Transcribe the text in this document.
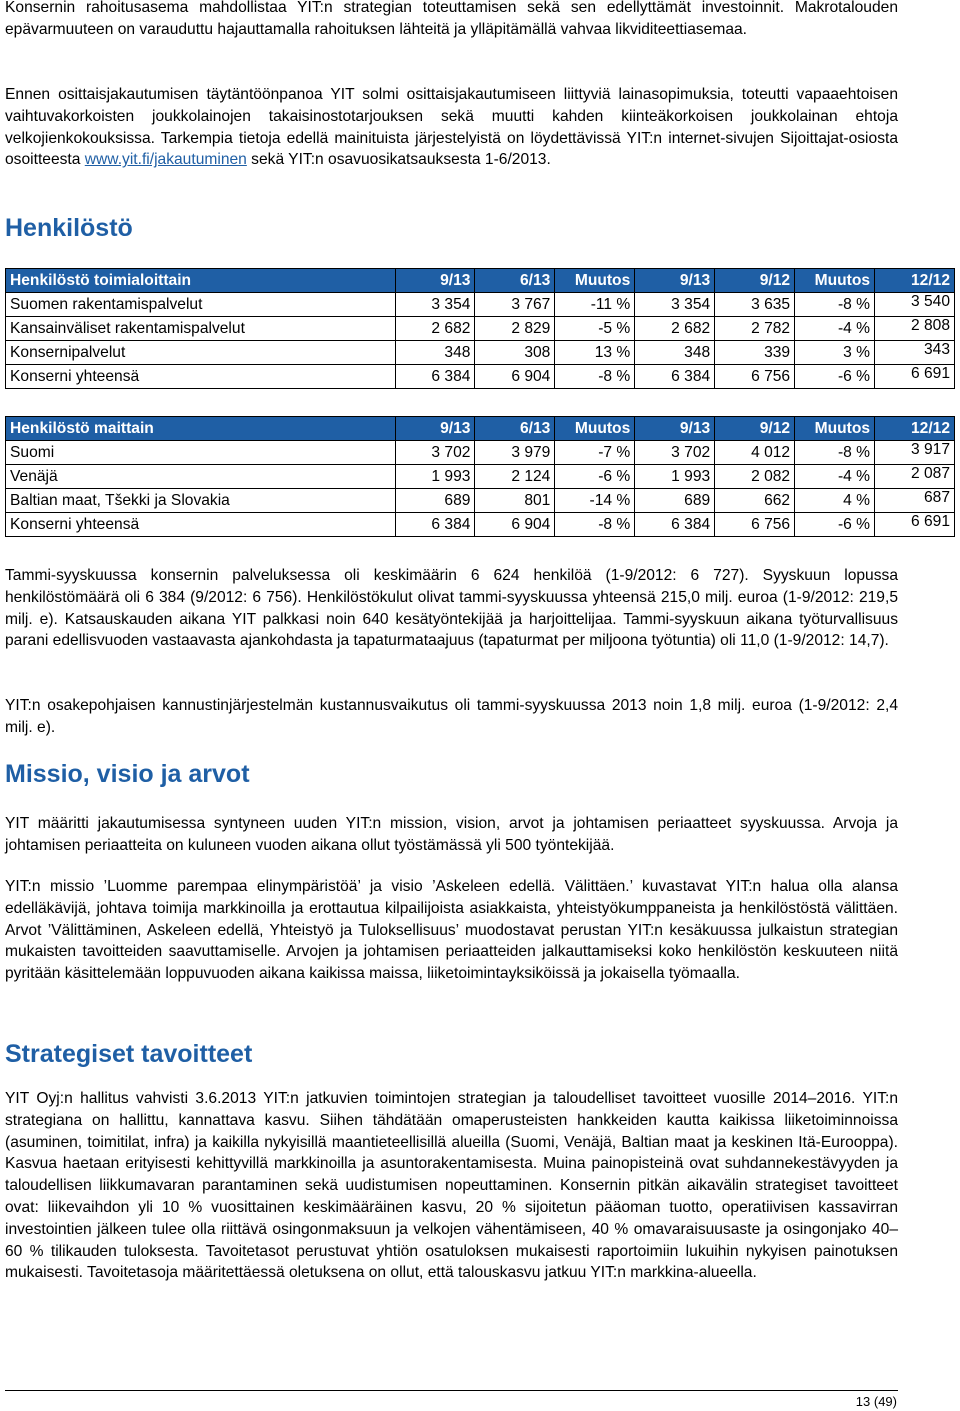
Konsernin rahoitusasema mahdollistaa YIT:n strategian toteuttamisen sekä sen edellyttämät investoinnit. Makrotalouden epävarmuuteen on varauduttu hajauttamalla rahoituksen lähteitä ja ylläpitämällä vahvaa likviditeettiasemaa.

Ennen osittaisjakautumisen täytäntöönpanoa YIT solmi osittaisjakautumiseen liittyviä lainasopimuksia, toteutti vapaaehtoisen vaihtuvakorkoisten joukkolainojen takaisinostotarjouksen sekä muutti kahden kiinteäkorkoisen joukkolainan ehtoja velkojienkokouksissa. Tarkempia tietoja edellä mainituista järjestelyistä on löydettävissä YIT:n internet-sivujen Sijoittajat-osiosta osoitteesta www.yit.fi/jakautuminen sekä YIT:n osavuosikatsauksesta 1-6/2013.

Henkilöstö
Henkilöstö toimialoittain	9/13	6/13	Muutos	9/13	9/12	Muutos	12/12
Suomen rakentamispalvelut	3 354	3 767	-11 %	3 354	3 635	-8 %	3 540
Kansainväliset rakentamispalvelut	2 682	2 829	-5 %	2 682	2 782	-4 %	2 808
Konsernipalvelut	348	308	13 %	348	339	3 %	343
Konserni yhteensä	6 384	6 904	-8 %	6 384	6 756	-6 %	6 691
Henkilöstö maittain	9/13	6/13	Muutos	9/13	9/12	Muutos	12/12
Suomi	3 702	3 979	-7 %	3 702	4 012	-8 %	3 917
Venäjä	1 993	2 124	-6 %	1 993	2 082	-4 %	2 087
Baltian maat, Tšekki ja Slovakia	689	801	-14 %	689	662	4 %	687
Konserni yhteensä	6 384	6 904	-8 %	6 384	6 756	-6 %	6 691

Tammi-syyskuussa konsernin palveluksessa oli keskimäärin 6 624 henkilöä (1-9/2012: 6 727). Syyskuun lopussa henkilöstömäärä oli 6 384 (9/2012: 6 756). Henkilöstökulut olivat tammi-syyskuussa yhteensä 215,0 milj. euroa (1-9/2012: 219,5 milj. e). Katsauskauden aikana YIT palkkasi noin 640 kesätyöntekijää ja harjoittelijaa. Tammi-syyskuun aikana työturvallisuus parani edellisvuoden vastaavasta ajankohdasta ja tapaturmataajuus (tapaturmat per miljoona työtuntia) oli 11,0 (1-9/2012: 14,7).

YIT:n osakepohjaisen kannustinjärjestelmän kustannusvaikutus oli tammi-syyskuussa 2013 noin 1,8 milj. euroa (1-9/2012: 2,4 milj. e).

Missio, visio ja arvot

YIT määritti jakautumisessa syntyneen uuden YIT:n mission, vision, arvot ja johtamisen periaatteet syyskuussa. Arvoja ja johtamisen periaatteita on kuluneen vuoden aikana ollut työstämässä yli 500 työntekijää.

YIT:n missio ’Luomme parempaa elinympäristöä’ ja visio ’Askeleen edellä. Välittäen.’ kuvastavat YIT:n halua olla alansa edelläkävijä, johtava toimija markkinoilla ja erottautua kilpailijoista asiakkaista, yhteistyökumppaneista ja henkilöstöstä välittäen. Arvot ’Välittäminen, Askeleen edellä, Yhteistyö ja Tuloksellisuus’ muodostavat perustan YIT:n kesäkuussa julkaistun strategian mukaisten tavoitteiden saavuttamiselle. Arvojen ja johtamisen periaatteiden jalkauttamiseksi koko henkilöstön keskuuteen niitä pyritään käsittelemään loppuvuoden aikana kaikissa maissa, liiketoimintayksiköissä ja jokaisella työmaalla.

Strategiset tavoitteet

YIT Oyj:n hallitus vahvisti 3.6.2013 YIT:n jatkuvien toimintojen strategian ja taloudelliset tavoitteet vuosille 2014–2016. YIT:n strategiana on hallittu, kannattava kasvu. Siihen tähdätään omaperusteisten hankkeiden kautta kaikissa liiketoiminnoissa (asuminen, toimitilat, infra) ja kaikilla nykyisillä maantieteellisillä alueilla (Suomi, Venäjä, Baltian maat ja keskinen Itä-Eurooppa). Kasvua haetaan erityisesti kehittyvillä markkinoilla ja asuntorakentamisesta. Muina painopisteinä ovat suhdannekestävyyden ja taloudellisen liikkumavaran parantaminen sekä uudistumisen nopeuttaminen. Konsernin pitkän aikavälin strategiset tavoitteet ovat: liikevaihdon yli 10 % vuosittainen keskimääräinen kasvu, 20 % sijoitetun pääoman tuotto, operatiivisen kassavirran investointien jälkeen tulee olla riittävä osingonmaksuun ja velkojen vähentämiseen, 40 % omavaraisuusaste ja osingonjako 40–60 % tilikauden tuloksesta. Tavoitetasot perustuvat yhtiön osatuloksen mukaisesti raportoimiin lukuihin nykyisen painotuksen mukaisesti. Tavoitetasoja määritettäessä oletuksena on ollut, että talouskasvu jatkuu YIT:n markkina-alueella.

13 (49)
